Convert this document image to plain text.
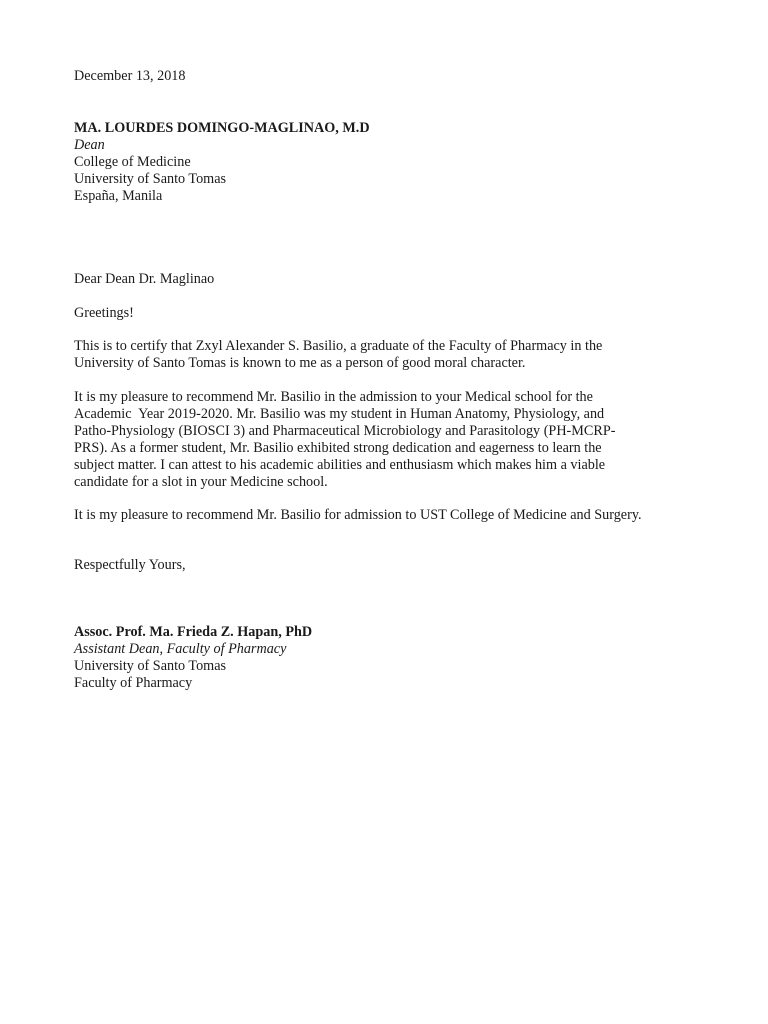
December 13, 2018

MA. LOURDES DOMINGO-MAGLINAO, M.D

Dean

College of Medicine

University of Santo Tomas

España, Manila

Dear Dean Dr. Maglinao

Greetings!

This is to certify that Zxyl Alexander S. Basilio, a graduate of the Faculty of Pharmacy in the

University of Santo Tomas is known to me as a person of good moral character.

It is my pleasure to recommend Mr. Basilio in the admission to your Medical school for the

Academic  Year 2019-2020. Mr. Basilio was my student in Human Anatomy, Physiology, and

Patho-Physiology (BIOSCI 3) and Pharmaceutical Microbiology and Parasitology (PH-MCRP-

PRS). As a former student, Mr. Basilio exhibited strong dedication and eagerness to learn the

subject matter. I can attest to his academic abilities and enthusiasm which makes him a viable

candidate for a slot in your Medicine school.

It is my pleasure to recommend Mr. Basilio for admission to UST College of Medicine and Surgery.

Respectfully Yours,

Assoc. Prof. Ma. Frieda Z. Hapan, PhD

Assistant Dean, Faculty of Pharmacy

University of Santo Tomas

Faculty of Pharmacy
